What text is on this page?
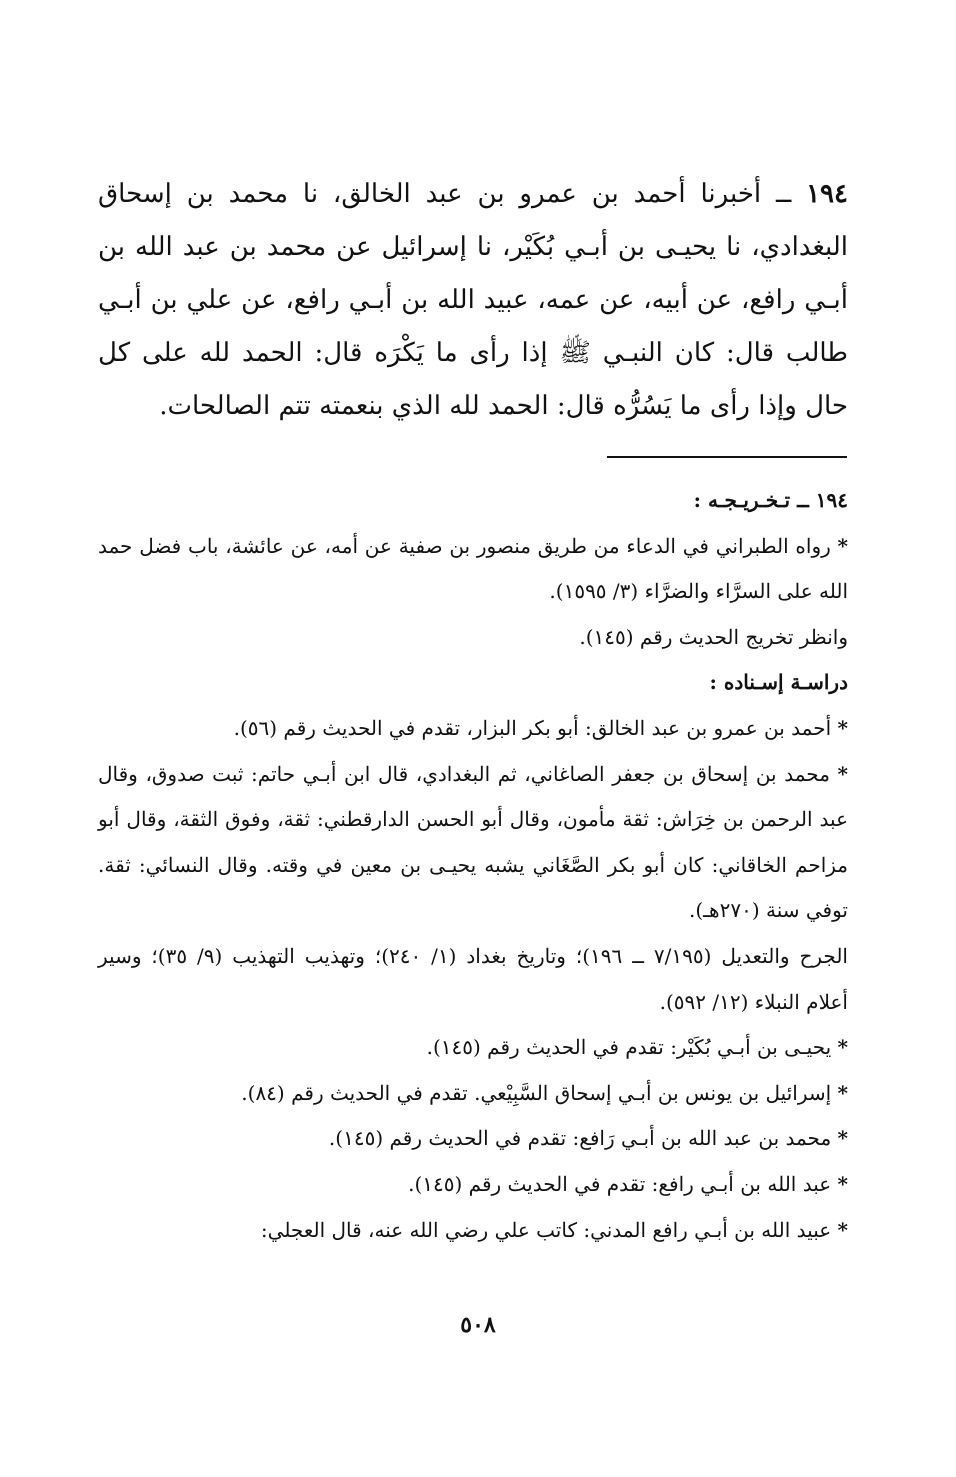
١٩٤ ــ أخبرنا أحمد بن عمرو بن عبد الخالق، نا محمد بن إسحاق البغدادي، نا يحيـى بن أبـي بُكَيْر، نا إسرائيل عن محمد بن عبد الله بن أبـي رافع، عن أبيه، عن عمه، عبيد الله بن أبـي رافع، عن علي بن أبـي طالب قال: كان النبـي ﷺ إذا رأى ما يَكْرَه قال: الحمد لله على كل حال وإذا رأى ما يَسُرُّه قال: الحمد لله الذي بنعمته تتم الصالحات.

١٩٤ ــ تـخـريـجـه :

* رواه الطبراني في الدعاء من طريق منصور بن صفية عن أمه، عن عائشة، باب فضل حمد الله على السرَّاء والضرَّاء (٣/ ١٥٩٥).

وانظر تخريج الحديث رقم (١٤٥).

دراسـة إسـناده :

* أحمد بن عمرو بن عبد الخالق: أبو بكر البزار، تقدم في الحديث رقم (٥٦).

* محمد بن إسحاق بن جعفر الصاغاني، ثم البغدادي، قال ابن أبـي حاتم: ثبت صدوق، وقال عبد الرحمن بن خِرَاش: ثقة مأمون، وقال أبو الحسن الدارقطني: ثقة، وفوق الثقة، وقال أبو مزاحم الخاقاني: كان أبو بكر الصَّغَاني يشبه يحيـى بن معين في وقته. وقال النسائي: ثقة. توفي سنة (٢٧٠هـ).

الجرح والتعديل (٧/١٩٥ ــ ١٩٦)؛ وتاريخ بغداد (١/ ٢٤٠)؛ وتهذيب التهذيب (٩/ ٣٥)؛ وسير أعلام النبلاء (١٢/ ٥٩٢).

* يحيـى بن أبـي بُكَيْر: تقدم في الحديث رقم (١٤٥).

* إسرائيل بن يونس بن أبـي إسحاق السَّبِيْعي. تقدم في الحديث رقم (٨٤).

* محمد بن عبد الله بن أبـي رَافع: تقدم في الحديث رقم (١٤٥).

* عبد الله بن أبـي رافع: تقدم في الحديث رقم (١٤٥).

* عبيد الله بن أبـي رافع المدني: كاتب علي رضي الله عنه، قال العجلي:

٥٠٨
